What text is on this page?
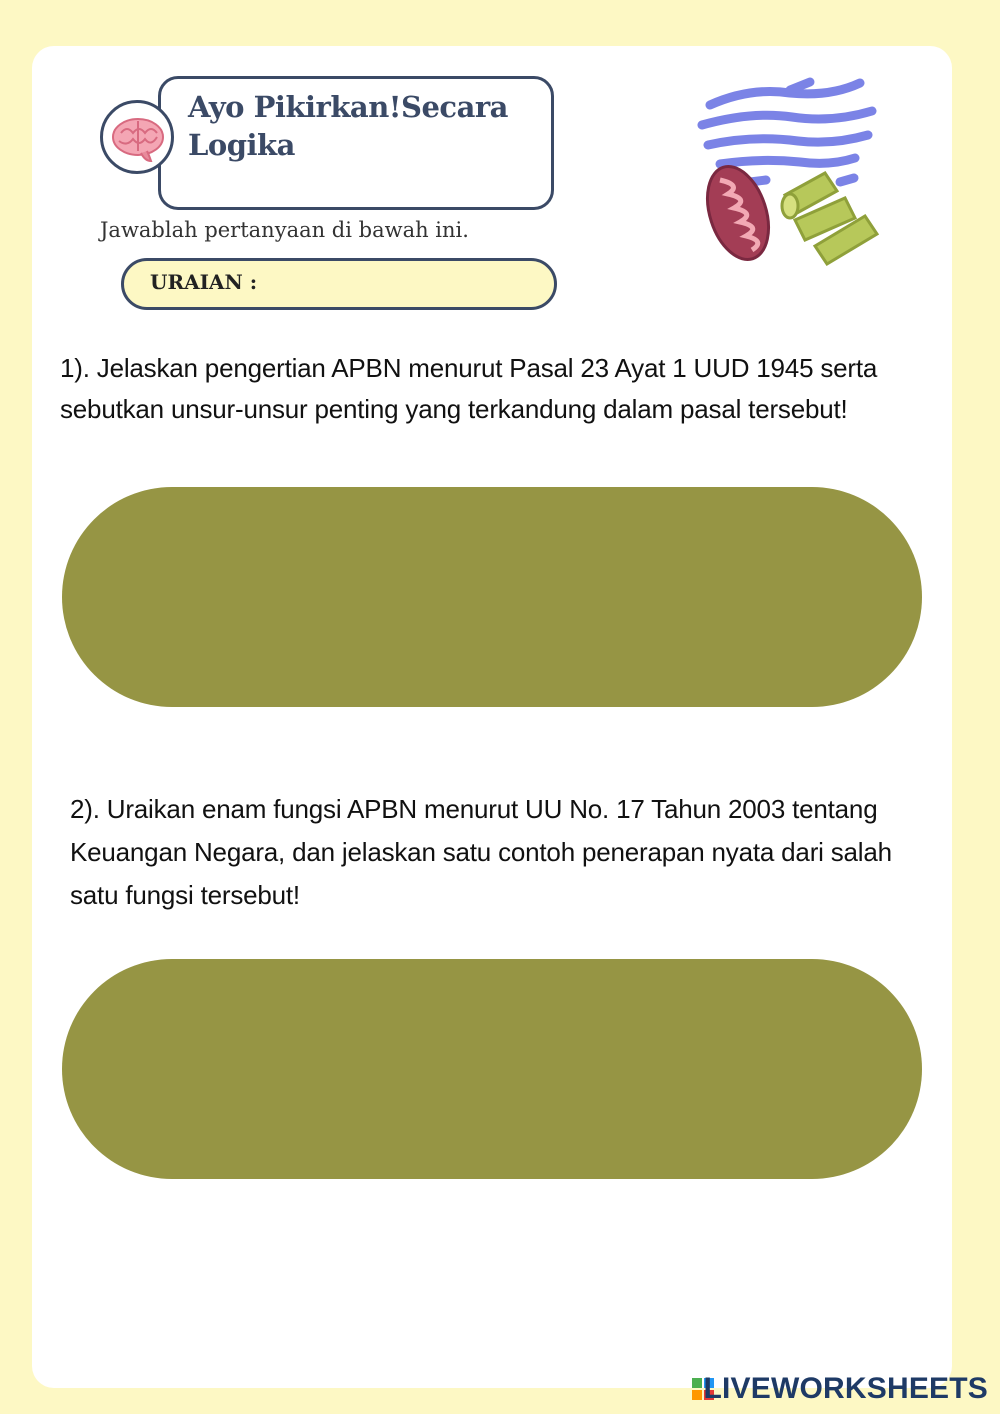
Ayo Pikirkan!Secara Logika
Jawablah pertanyaan di bawah ini.
URAIAN :
1). Jelaskan pengertian APBN menurut Pasal 23 Ayat 1 UUD 1945 serta sebutkan unsur-unsur penting yang terkandung dalam pasal tersebut!
2). Uraikan enam fungsi APBN menurut UU No. 17 Tahun 2003 tentang Keuangan Negara, dan jelaskan satu contoh penerapan nyata dari salah satu fungsi tersebut!
LIVEWORKSHEETS
